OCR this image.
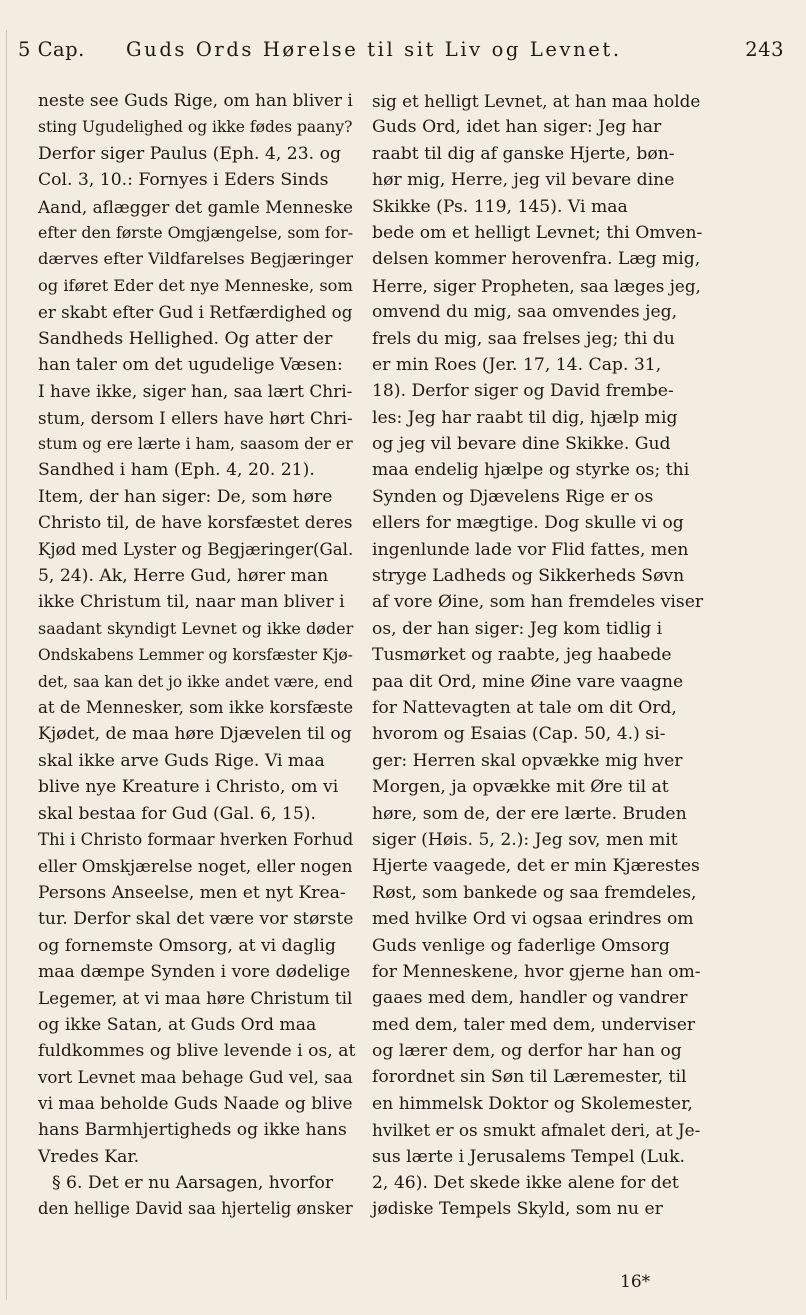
5 Cap. Guds Ords Hørelse til sit Liv og Levnet.	243
neste see Guds Rige, om han bliver i
sting Ugudelighed og ikke fødes paany?
Derfor siger Paulus (Eph. 4, 23. og
Col. 3, 10.: Fornyes i Eders Sinds
Aand, aflægger det gamle Menneske
efter den første Omgjængelse, som for-
dærves efter Vildfarelses Begjæringer
og iføret Eder det nye Menneske, som
er skabt efter Gud i Retfærdighed og
Sandheds Hellighed. Og atter der
han taler om det ugudelige Væsen:
I have ikke, siger han, saa lært Chri-
stum, dersom I ellers have hørt Chri-
stum og ere lærte i ham, saasom der er
Sandhed i ham (Eph. 4, 20. 21).
Item, der han siger: De, som høre
Christo til, de have korsfæstet deres
Kjød med Lyster og Begjæringer(Gal.
5, 24). Ak, Herre Gud, hører man
ikke Christum til, naar man bliver i
saadant skyndigt Levnet og ikke døder
Ondskabens Lemmer og korsfæster Kjø-
det, saa kan det jo ikke andet være, end
at de Mennesker, som ikke korsfæste
Kjødet, de maa høre Djævelen til og
skal ikke arve Guds Rige. Vi maa
blive nye Kreature i Christo, om vi
skal bestaa for Gud (Gal. 6, 15).
Thi i Christo formaar hverken Forhud
eller Omskjærelse noget, eller nogen
Persons Anseelse, men et nyt Krea-
tur. Derfor skal det være vor største
og fornemste Omsorg, at vi daglig
maa dæmpe Synden i vore dødelige
Legemer, at vi maa høre Christum til
og ikke Satan, at Guds Ord maa
fuldkommes og blive levende i os, at
vort Levnet maa behage Gud vel, saa
vi maa beholde Guds Naade og blive
hans Barmhjertigheds og ikke hans
Vredes Kar.
§ 6. Det er nu Aarsagen, hvorfor
den hellige David saa hjertelig ønsker
sig et helligt Levnet, at han maa holde
Guds Ord, idet han siger: Jeg har
raabt til dig af ganske Hjerte, bøn-
hør mig, Herre, jeg vil bevare dine
Skikke (Ps. 119, 145). Vi maa
bede om et helligt Levnet; thi Omven-
delsen kommer herovenfra. Læg mig,
Herre, siger Propheten, saa læges jeg,
omvend du mig, saa omvendes jeg,
frels du mig, saa frelses jeg; thi du
er min Roes (Jer. 17, 14. Cap. 31,
18). Derfor siger og David frembe-
les: Jeg har raabt til dig, hjælp mig
og jeg vil bevare dine Skikke. Gud
maa endelig hjælpe og styrke os; thi
Synden og Djævelens Rige er os
ellers for mægtige. Dog skulle vi og
ingenlunde lade vor Flid fattes, men
strygе Ladheds og Sikkerheds Søvn
af vore Øine, som han fremdeles viser
os, der han siger: Jeg kom tidlig i
Tusmørket og raabte, jeg haabede
paa dit Ord, mine Øine vare vaagne
for Nattevagten at tale om dit Ord,
hvorom og Esaias (Cap. 50, 4.) si-
ger: Herren skal opvække mig hver
Morgen, ja opvække mit Øre til at
høre, som de, der ere lærte. Bruden
siger (Høis. 5, 2.): Jeg sov, men mit
Hjerte vaagede, det er min Kjærestes
Røst, som bankede og saa fremdeles,
med hvilke Ord vi ogsaa erindres om
Guds venlige og faderlige Omsorg
for Menneskene, hvor gjerne han om-
gaaes med dem, handler og vandrer
med dem, taler med dem, underviser
og lærer dem, og derfor har han og
forordnet sin Søn til Læremester, til
en himmelsk Doktor og Skolemester,
hvilket er os smukt afmalet deri, at Je-
sus lærte i Jerusalems Tempel (Luk.
2, 46). Det skede ikke alene for det
jødiske Tempels Skyld, som nu er
16*
